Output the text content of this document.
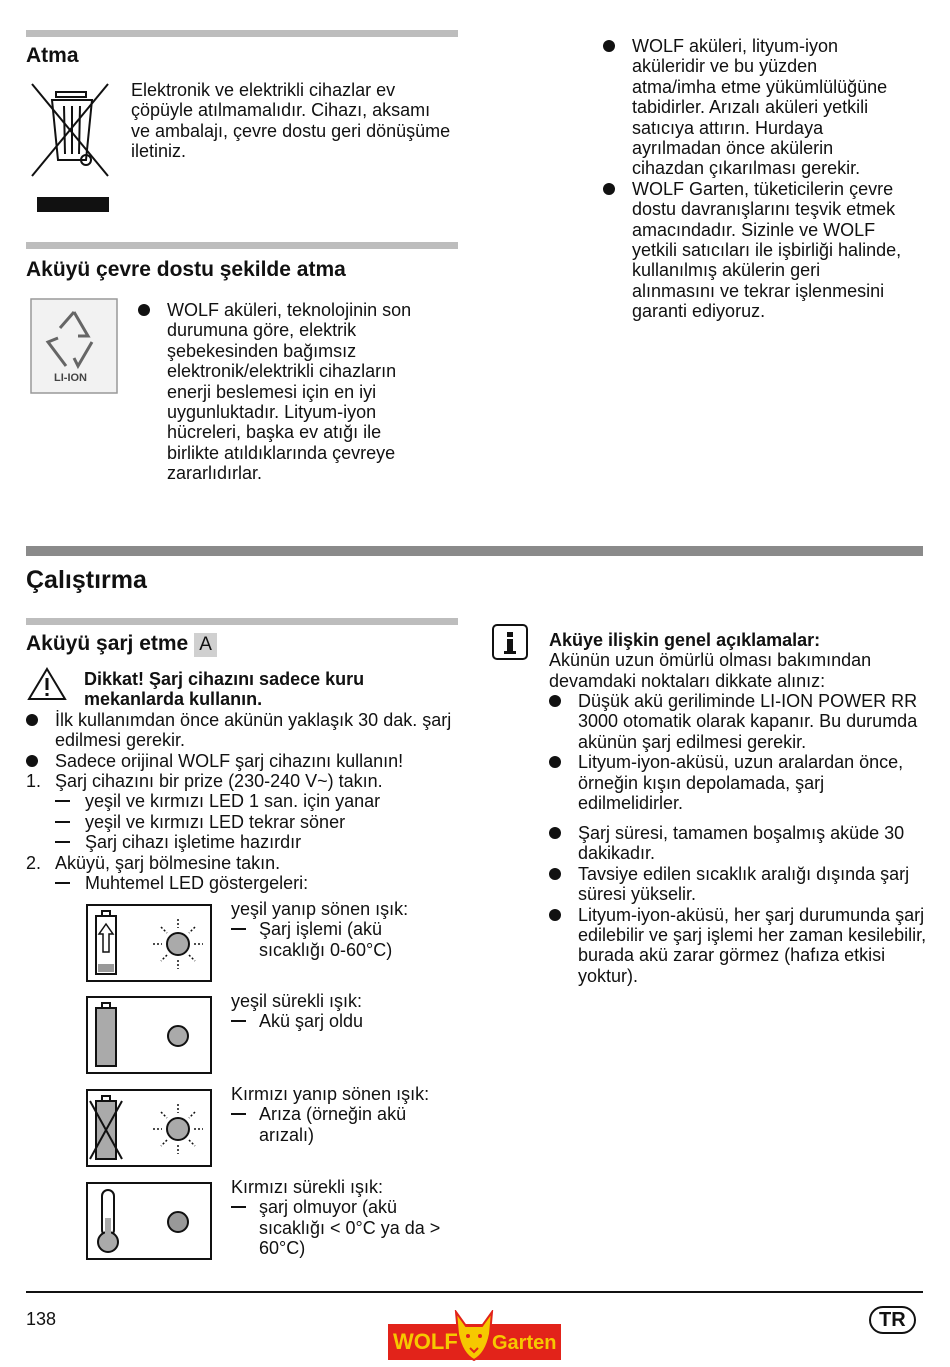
Atma
Elektronik ve elektrikli cihazlar ev çöpüyle atılmamalıdır. Cihazı, aksamı ve ambalajı, çevre dostu geri dönüşüme iletiniz.
Aküyü çevre dostu şekilde atma
LI-ION
WOLF aküleri, teknolojinin son durumuna göre, elektrik şebekesinden bağımsız elektronik/elektrikli cihazların enerji beslemesi için en iyi uygunluktadır. Lityum-iyon hücreleri, başka ev atığı ile birlikte atıldıklarında çevreye zararlıdırlar.
WOLF aküleri, lityum-iyon aküleridir ve bu yüzden atma/imha etme yükümlülüğüne tabidirler. Arızalı aküleri yetkili satıcıya attırın. Hurdaya ayrılmadan önce akülerin cihazdan çıkarılması gerekir.
WOLF Garten, tüketicilerin çevre dostu davranışlarını teşvik etmek amacındadır. Sizinle ve WOLF yetkili satıcıları ile işbirliği halinde, kullanılmış akülerin geri alınmasını ve tekrar işlenmesini garanti ediyoruz.
Çalıştırma
Aküyü şarj etme A
Dikkat! Şarj cihazını sadece kuru mekanlarda kullanın.
İlk kullanımdan önce akünün yaklaşık 30 dak. şarj edilmesi gerekir.
Sadece orijinal WOLF şarj cihazını kullanın!
1. Şarj cihazını bir prize (230-240 V~) takın.
yeşil ve kırmızı LED 1 san. için yanar
yeşil ve kırmızı LED tekrar söner
Şarj cihazı işletime hazırdır
2. Aküyü, şarj bölmesine takın.
Muhtemel LED göstergeleri:
yeşil yanıp sönen ışık:
Şarj işlemi (akü sıcaklığı 0-60°C)
yeşil sürekli ışık:
Akü şarj oldu
Kırmızı yanıp sönen ışık:
Arıza (örneğin akü arızalı)
Kırmızı sürekli ışık:
şarj olmuyor (akü sıcaklığı < 0°C ya da > 60°C)

Aküye ilişkin genel açıklamalar:

Akünün uzun ömürlü olması bakımından devamdaki noktaları dikkate alınız:

Düşük akü geriliminde LI-ION POWER RR 3000 otomatik olarak kapanır. Bu durumda akünün şarj edilmesi gerekir.
Lityum-iyon-aküsü, uzun aralardan önce, örneğin kışın depolamada, şarj edilmelidirler.
Şarj süresi, tamamen boşalmış aküde 30 dakikadır.
Tavsiye edilen sıcaklık aralığı dışında şarj süresi yükselir.
Lityum-iyon-aküsü, her şarj durumunda şarj edilebilir ve şarj işlemi her zaman kesilebilir, burada akü zarar görmez (hafıza etkisi yoktur).
138
WOLF Garten
TR
